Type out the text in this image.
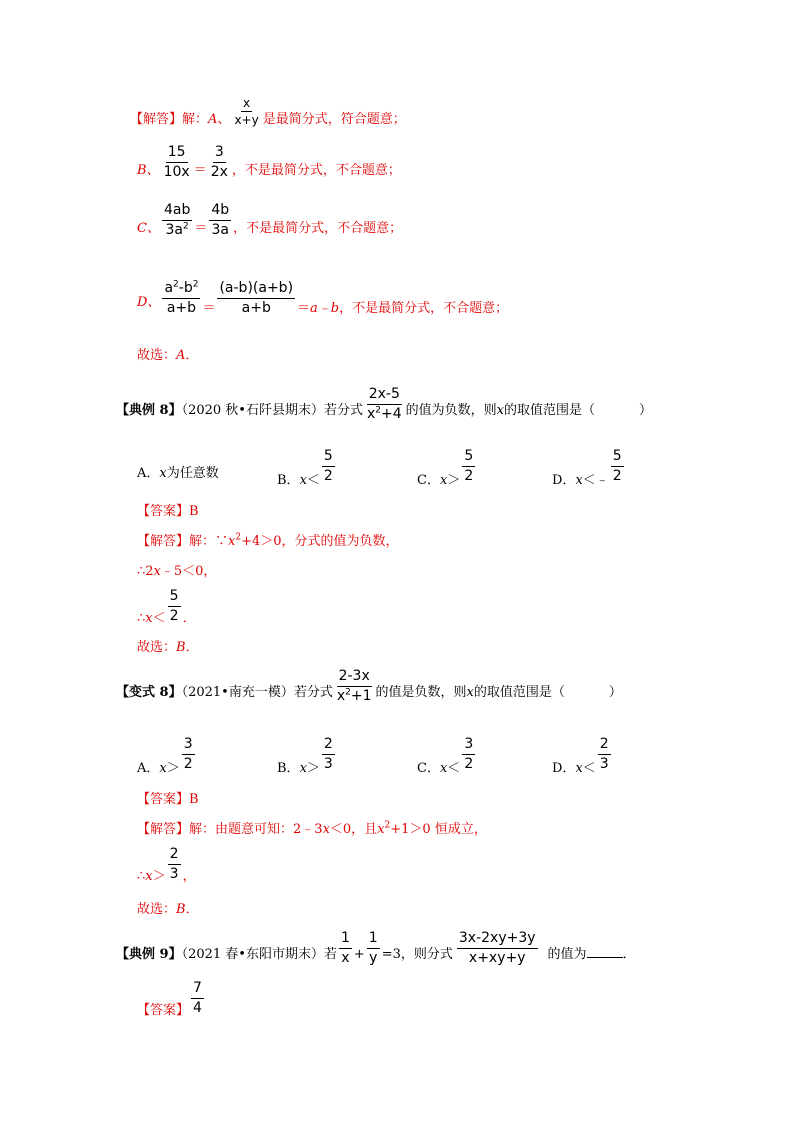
【解答】解：A、 $\frac{x}{x+y}$ 是最简分式，符合题意；
B、 $\frac{15}{10x} = \frac{3}{2x}$ ，不是最简分式，不合题意；
C、 $\frac{4ab}{3a^2} = \frac{4b}{3a}$ ，不是最简分式，不合题意；
D、 $\frac{a^2-b^2}{a+b} = \frac{(a-b)(a+b)}{a+b}$ ＝a﹣b，不是最简分式，不合题意；
故选：A．
【典例 8】（2020 秋•石阡县期末）若分式 $\frac{2x-5}{x^2+4}$ 的值为负数，则x的取值范围是（	）
A．x为任意数	B．$x< \frac{5}{2}$	C．$x> \frac{5}{2}$	D．x＜﹣ $\frac{5}{2}$
【答案】B
【解答】解：$\because x^2+4>0$，分式的值为负数，
∴2x﹣5＜0，
∴x＜ $\frac{5}{2}$ ．
故选：B．
【变式 8】（2021•南充一模）若分式 $\frac{2-3x}{x^2+1}$ 的值是负数，则x的取值范围是（	）
A．$x> \frac{3}{2}$	B．$x> \frac{2}{3}$	C．$x< \frac{3}{2}$	D．$x< \frac{2}{3}$
【答案】B
【解答】解：由题意可知：2﹣3x＜0，且$x^2+1>0$ 恒成立，
∴x＞ $\frac{2}{3}$ ，
故选：B．
【典例 9】（2021 春•东阳市期末）若 $\frac{1}{x} + \frac{1}{y} =3$，则分式 $\frac{3x-2xy+3y}{x+xy+y}$ 的值为	．
【答案】 $\frac{7}{4}$
